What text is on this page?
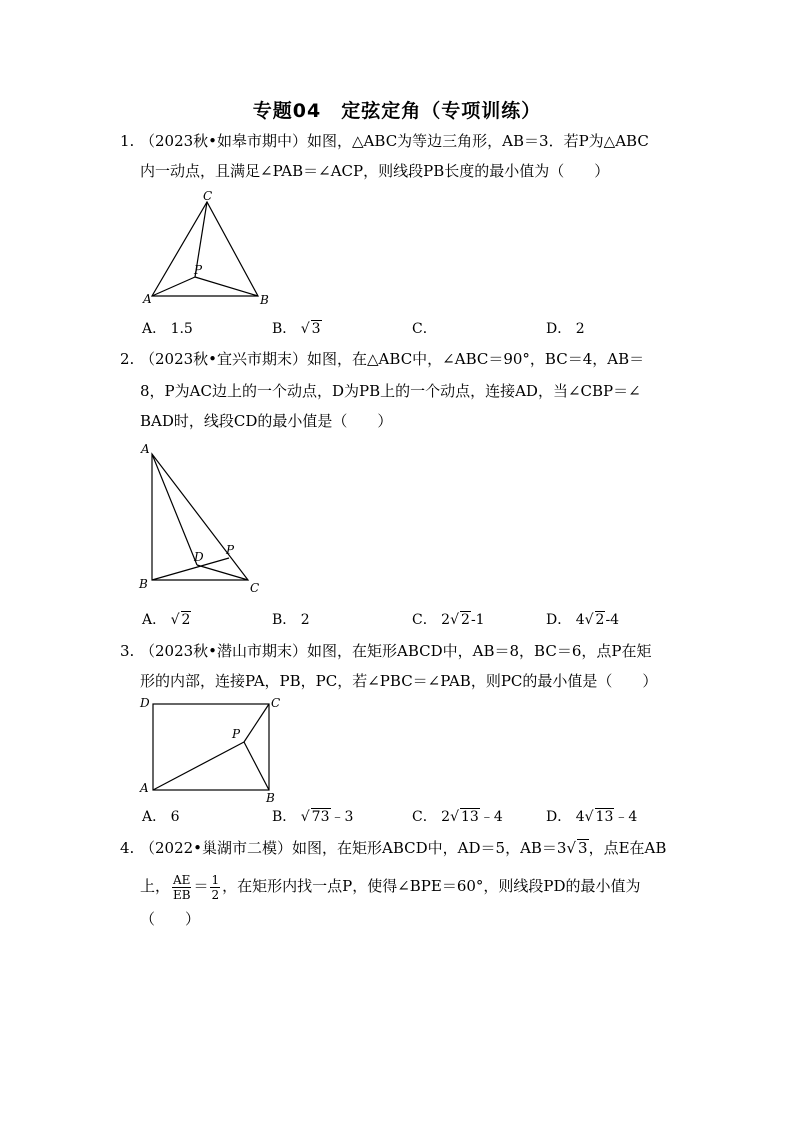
专题04　定弦定角（专项训练）
1. （2023秋•如皋市期中）如图，△ABC为等边三角形，AB＝3．若P为△ABC
内一动点，且满足∠PAB＝∠ACP，则线段PB长度的最小值为（　　）
A	B
C
P
A． 1.5	B． √ 3	C．	D． 2
2. （2023秋•宜兴市期末）如图，在△ABC中，∠ABC＝90°，BC＝4，AB＝
8，P为AC边上的一个动点，D为PB上的一个动点，连接AD，当∠CBP＝∠
BAD时，线段CD的最小值是（　　）
A
B	C
P
D
A． √ 2	B． 2	C． 2√ 2-1	D． 4√ 2-4
3. （2023秋•潜山市期末）如图，在矩形ABCD中，AB＝8，BC＝6，点P在矩
形的内部，连接PA，PB，PC，若∠PBC＝∠PAB，则PC的最小值是（　　）
D	C
A
B
P
A． 6	B． √ 73﹣3	C． 2√ 13﹣4	D． 4√ 13﹣4
4. （2022•巢湖市二模）如图，在矩形ABCD中，AD＝5，AB＝3√ 3，点E在AB
上， $\frac{AE}{EB} = \frac{1}{2}$ ，在矩形内找一点P，使得∠BPE＝60°，则线段PD的最小值为
（　　）
